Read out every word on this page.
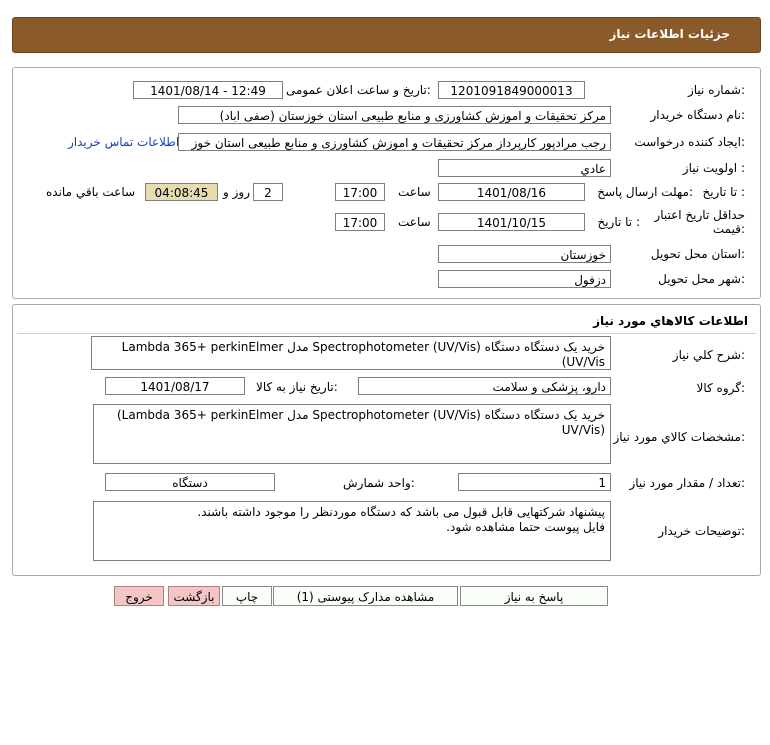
جزئیات اطلاعات نیاز
شماره نیاز:
1201091849000013
تاریخ و ساعت اعلان عمومی:
1401/08/14 - 12:49
نام دستگاه خریدار:
مرکز تحقیقات و اموزش کشاورزی و منابع طبیعی استان خوزستان (صفی اباد)
ایجاد کننده درخواست:
رجب مرادپور کارپرداز مرکز تحقیقات و اموزش کشاورزی و منابع طبیعی استان خوز
اطلاعات تماس خریدار
اولویت نیاز :
عادي
مهلت ارسال پاسخ: تا تاریخ :
1401/08/16
ساعت
17:00
2
روز و
04:08:45
ساعت باقي مانده
حداقل تاریخ اعتبار
قیمت:
تا تاریخ :
1401/10/15
ساعت
17:00
استان محل تحویل:
خوزستان
شهر محل تحویل:
دزفول
اطلاعات کالاهاي مورد نياز
شرح کلي نياز:
خرید یک دستگاه دستگاه Spectrophotometer (UV/Vis) مدل Lambda 365+ perkinElmer (UV/Vis
گروه کالا:
دارو، پزشکی و سلامت
تاریخ نیاز به کالا:
1401/08/17
مشخصات کالاي مورد نياز:
خرید یک دستگاه دستگاه Spectrophotometer (UV/Vis) مدل Lambda 365+ perkinElmer)
(UV/Vis
تعداد / مقدار مورد نیاز:
1
واحد شمارش:
دستگاه
توضیحات خریدار:
پیشنهاد شرکتهایی قابل قبول می باشد که دستگاه موردنظر را موجود داشته باشند.
فایل پیوست حتما مشاهده شود.
پاسخ به نیاز
مشاهده مدارک پیوستی (1)
چاپ
بازگشت
خروج
